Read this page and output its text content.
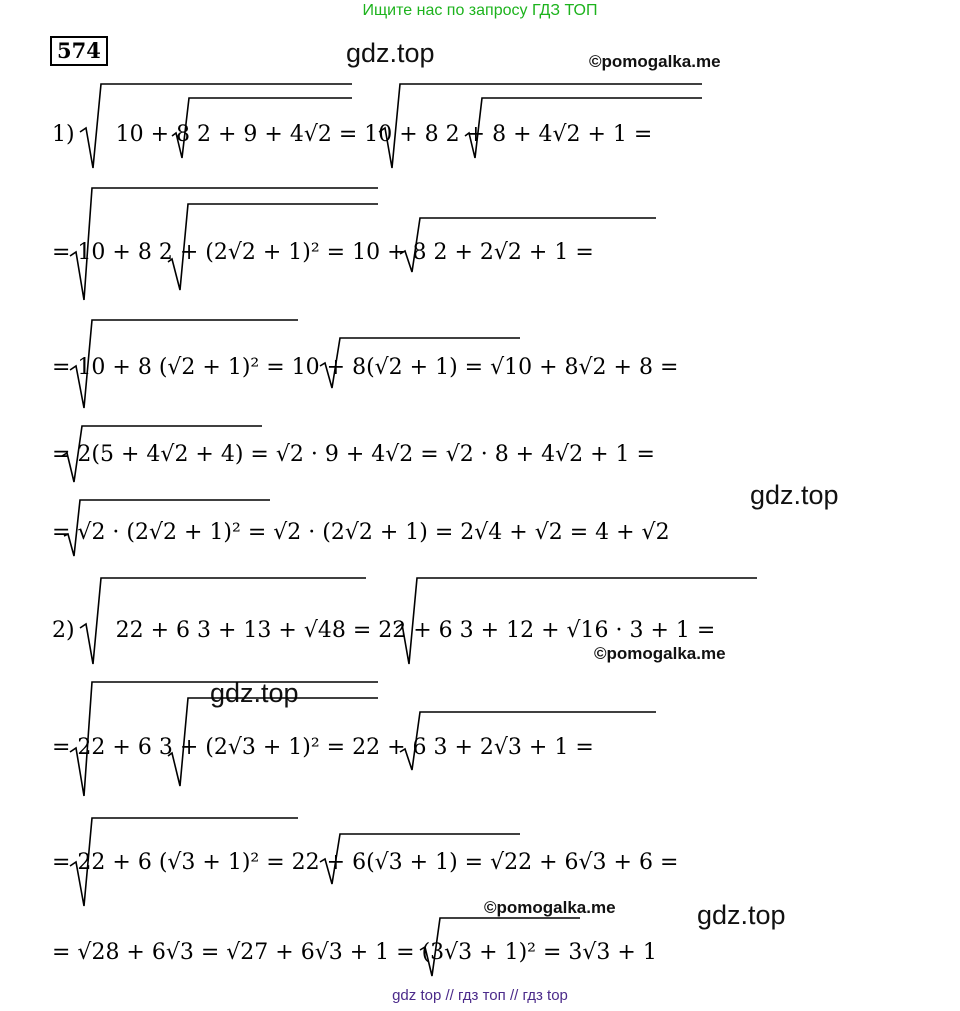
Ищите нас по запросу ГДЗ ТОП
574	gdz.top	©pomogalka.me
gdz.top
©pomogalka.me
gdz.top
©pomogalka.me	gdz.top
1) 10 + 8 2 + 9 + 4√2 = 10 + 8 2 + 8 + 4√2 + 1 =
= 10 + 8 2 + (2√2 + 1)² = 10 + 8 2 + 2√2 + 1 =
= 10 + 8 (√2 + 1)² = 10 + 8(√2 + 1) = √10 + 8√2 + 8 =
= 2(5 + 4√2 + 4) = √2 · 9 + 4√2 = √2 · 8 + 4√2 + 1 =
= √2 · (2√2 + 1)² = √2 · (2√2 + 1) = 2√4 + √2 = 4 + √2
2) 22 + 6 3 + 13 + √48 = 22 + 6 3 + 12 + √16 · 3 + 1 =
= 22 + 6 3 + (2√3 + 1)² = 22 + 6 3 + 2√3 + 1 =
= 22 + 6 (√3 + 1)² = 22 + 6(√3 + 1) = √22 + 6√3 + 6 =
= √28 + 6√3 = √27 + 6√3 + 1 = (3√3 + 1)² = 3√3 + 1
gdz top // гдз топ // гдз top
